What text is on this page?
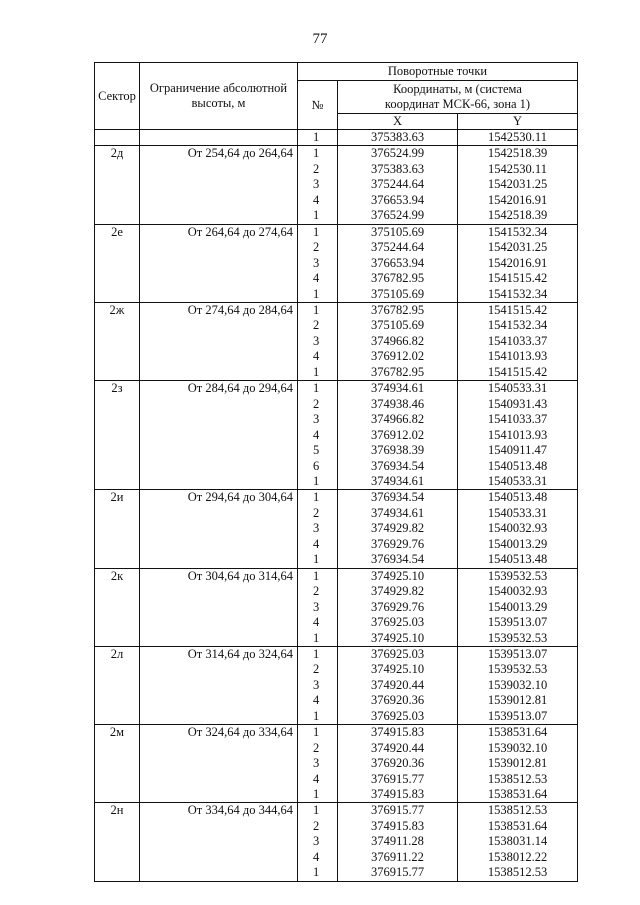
77
Сектор	Ограничение абсолютной высоты, м	Поворотные точки		
		№	Координаты, м (система координат МСК-66, зона 1)	
			X	Y
		1	375383.63	1542530.11
2д	От 254,64 до 264,64	1	376524.99	1542518.39
		2	375383.63	1542530.11
		3	375244.64	1542031.25
		4	376653.94	1542016.91
		1	376524.99	1542518.39
2е	От 264,64 до 274,64	1	375105.69	1541532.34
		2	375244.64	1542031.25
		3	376653.94	1542016.91
		4	376782.95	1541515.42
		1	375105.69	1541532.34
2ж	От 274,64 до 284,64	1	376782.95	1541515.42
		2	375105.69	1541532.34
		3	374966.82	1541033.37
		4	376912.02	1541013.93
		1	376782.95	1541515.42
2з	От 284,64 до 294,64	1	374934.61	1540533.31
		2	374938.46	1540931.43
		3	374966.82	1541033.37
		4	376912.02	1541013.93
		5	376938.39	1540911.47
		6	376934.54	1540513.48
		1	374934.61	1540533.31
2и	От 294,64 до 304,64	1	376934.54	1540513.48
		2	374934.61	1540533.31
		3	374929.82	1540032.93
		4	376929.76	1540013.29
		1	376934.54	1540513.48
2к	От 304,64 до 314,64	1	374925.10	1539532.53
		2	374929.82	1540032.93
		3	376929.76	1540013.29
		4	376925.03	1539513.07
		1	374925.10	1539532.53
2л	От 314,64 до 324,64	1	376925.03	1539513.07
		2	374925.10	1539532.53
		3	374920.44	1539032.10
		4	376920.36	1539012.81
		1	376925.03	1539513.07
2м	От 324,64 до 334,64	1	374915.83	1538531.64
		2	374920.44	1539032.10
		3	376920.36	1539012.81
		4	376915.77	1538512.53
		1	374915.83	1538531.64
2н	От 334,64 до 344,64	1	376915.77	1538512.53
		2	374915.83	1538531.64
		3	374911.28	1538031.14
		4	376911.22	1538012.22
		1	376915.77	1538512.53
